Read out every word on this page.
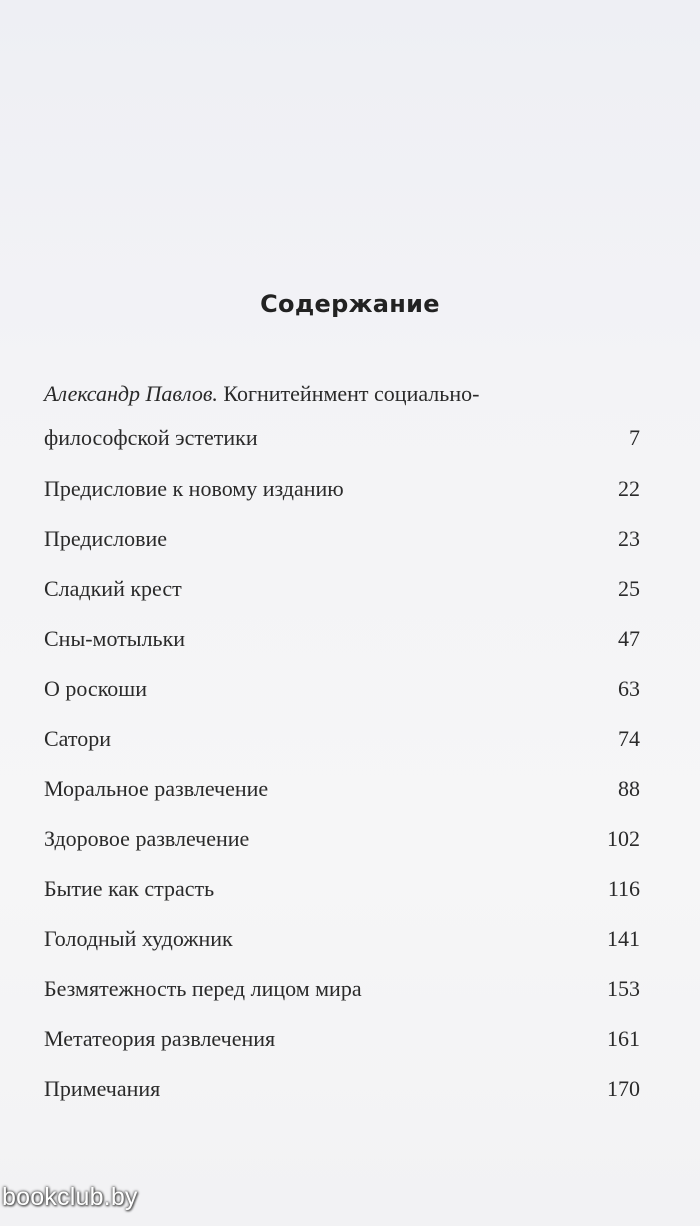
Содержание
Александр Павлов.
Когнитейнмент социально-
философской эстетики . . .	7
Предисловие к новому изданию . . .	22
Предисловие . . .	23
Сладкий крест . . .	25
Сны-мотыльки . . .	47
О роскоши . . .	63
Сатори . . .	74
Моральное развлечение . . .	88
Здоровое развлечение . . .	102
Бытие как страсть . . .	116
Голодный художник . . .	141
Безмятежность перед лицом мира . . .	153
Метатеория развлечения . . .	161
Примечания . . .	170
bookclub.by
